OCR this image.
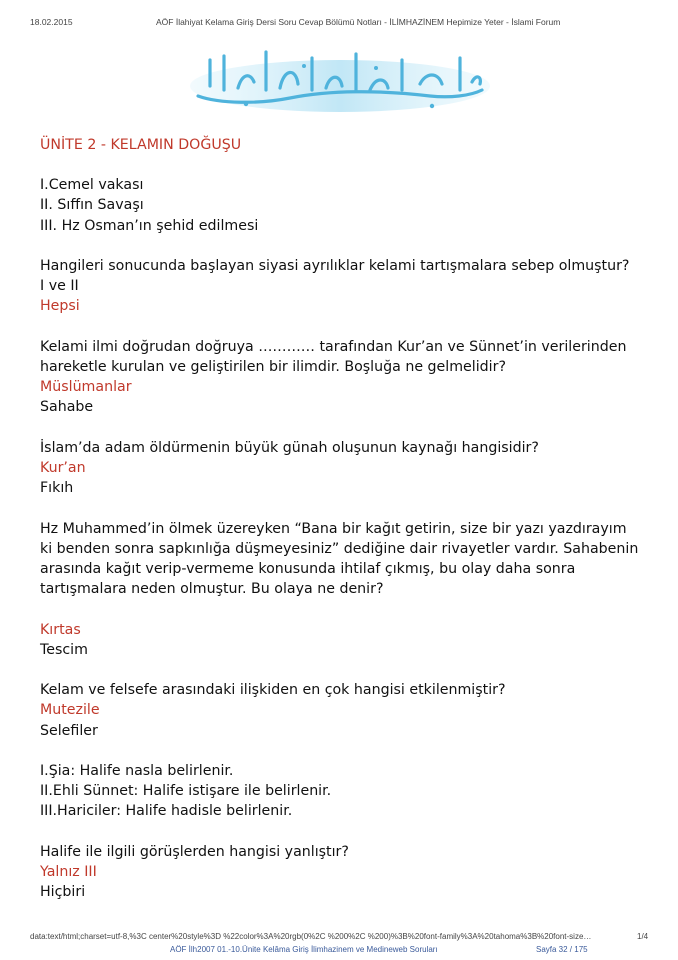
18.02.2015	AÖF İlahiyat Kelama Giriş Dersi Soru Cevap Bölümü Notları - İLİMHAZİNEM Hepimize Yeter - İslami Forum
ÜNİTE 2 - KELAMIN DOĞUŞU
I.Cemel vakası
II. Sıffın Savaşı
III. Hz Osman’ın şehid edilmesi
Hangileri sonucunda başlayan siyasi ayrılıklar kelami tartışmalara sebep olmuştur?
I ve II
Hepsi
Kelami ilmi doğrudan doğruya ………… tarafından Kur’an ve Sünnet’in verilerinden
hareketle kurulan ve geliştirilen bir ilimdir. Boşluğa ne gelmelidir?
Müslümanlar
Sahabe
İslam’da adam öldürmenin büyük günah oluşunun kaynağı hangisidir?
Kur’an
Fıkıh
Hz Muhammed’in ölmek üzereyken “Bana bir kağıt getirin, size bir yazı yazdırayım
ki benden sonra sapkınlığa düşmeyesiniz” dediğine dair rivayetler vardır. Sahabenin
arasında kağıt verip-vermeme konusunda ihtilaf çıkmış, bu olay daha sonra
tartışmalara neden olmuştur. Bu olaya ne denir?
Kırtas
Tescim
Kelam ve felsefe arasındaki ilişkiden en çok hangisi etkilenmiştir?
Mutezile
Selefiler
I.Şia: Halife nasla belirlenir.
II.Ehli Sünnet: Halife istişare ile belirlenir.
III.Hariciler: Halife hadisle belirlenir.
Halife ile ilgili görüşlerden hangisi yanlıştır?
Yalnız III
Hiçbiri
data:text/html;charset=utf-8,%3C center%20style%3D %22color%3A%20rgb(0%2C %200%2C %200)%3B%20font-family%3A%20tahoma%3B%20font-size…	1/4
AÖF İlh2007 01.-10.Ünite Kelâma Giriş İlimhazinem ve Medineweb Soruları	Sayfa 32 / 175
